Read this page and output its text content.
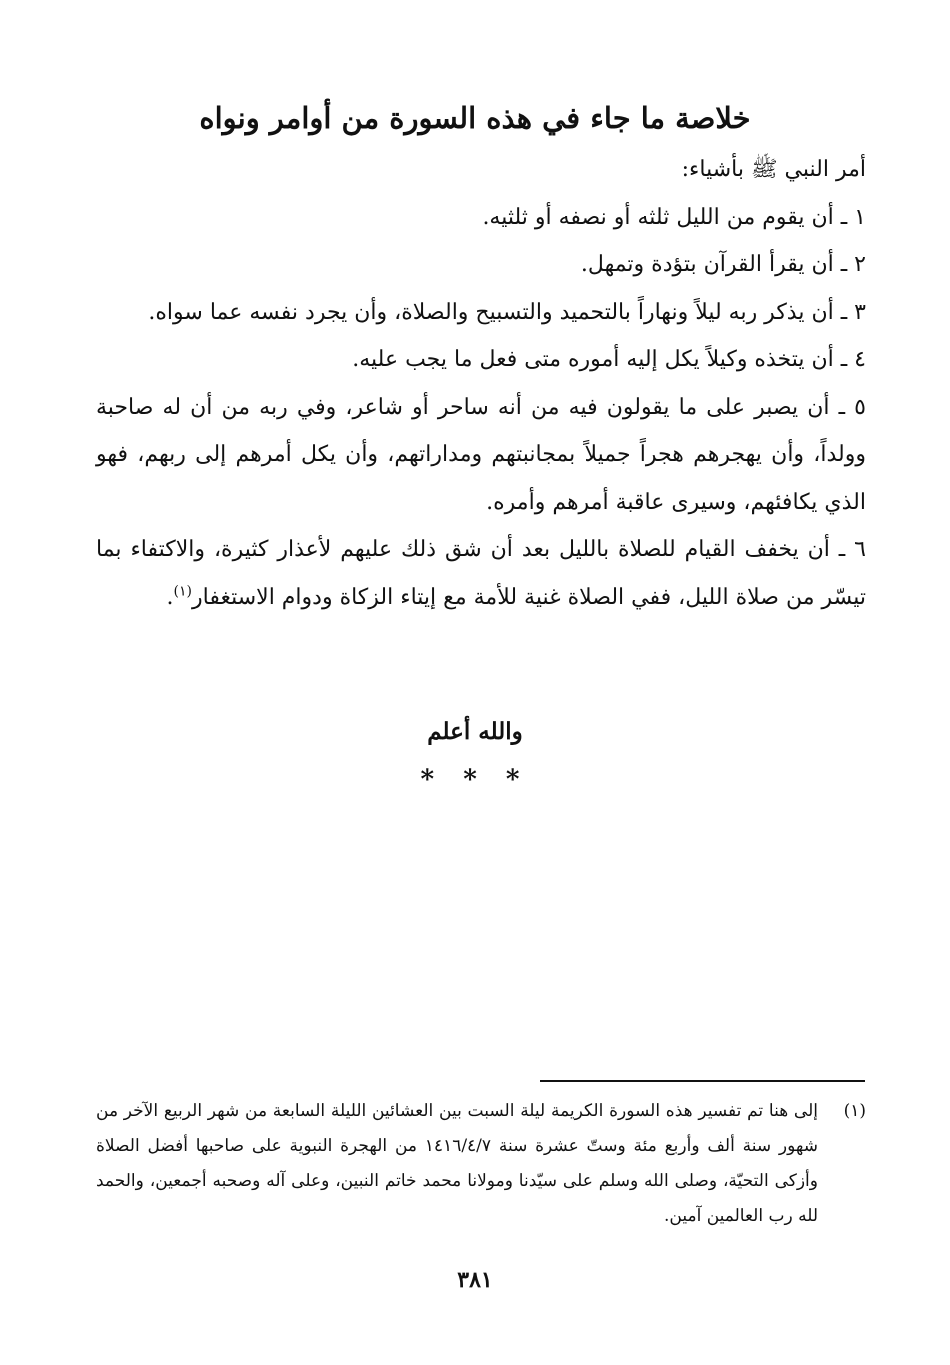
خلاصة ما جاء في هذه السورة من أوامر ونواه

أمر النبي ﷺ بأشياء:

١ ـ أن يقوم من الليل ثلثه أو نصفه أو ثلثيه.

٢ ـ أن يقرأ القرآن بتؤدة وتمهل.

٣ ـ أن يذكر ربه ليلاً ونهاراً بالتحميد والتسبيح والصلاة، وأن يجرد نفسه عما سواه.

٤ ـ أن يتخذه وكيلاً يكل إليه أموره متى فعل ما يجب عليه.

٥ ـ أن يصبر على ما يقولون فيه من أنه ساحر أو شاعر، وفي ربه من أن له صاحبة وولداً، وأن يهجرهم هجراً جميلاً بمجانبتهم ومداراتهم، وأن يكل أمرهم إلى ربهم، فهو الذي يكافئهم، وسيرى عاقبة أمرهم وأمره.

٦ ـ أن يخفف القيام للصلاة بالليل بعد أن شق ذلك عليهم لأعذار كثيرة، والاكتفاء بما تيسّر من صلاة الليل، ففي الصلاة غنية للأمة مع إيتاء الزكاة ودوام الاستغفار$^{(١)}$.

والله أعلم
* * *
(١)
إلى هنا تم تفسير هذه السورة الكريمة ليلة السبت بين العشائين الليلة السابعة من شهر الربيع الآخر من شهور سنة ألف وأربع مئة وستّ عشرة سنة ١٤١٦/٤/٧ من الهجرة النبوية على صاحبها أفضل الصلاة وأزكى التحيّة، وصلى الله وسلم على سيّدنا ومولانا محمد خاتم النبين، وعلى آله وصحبه أجمعين، والحمد لله رب العالمين آمين.
٣٨١
